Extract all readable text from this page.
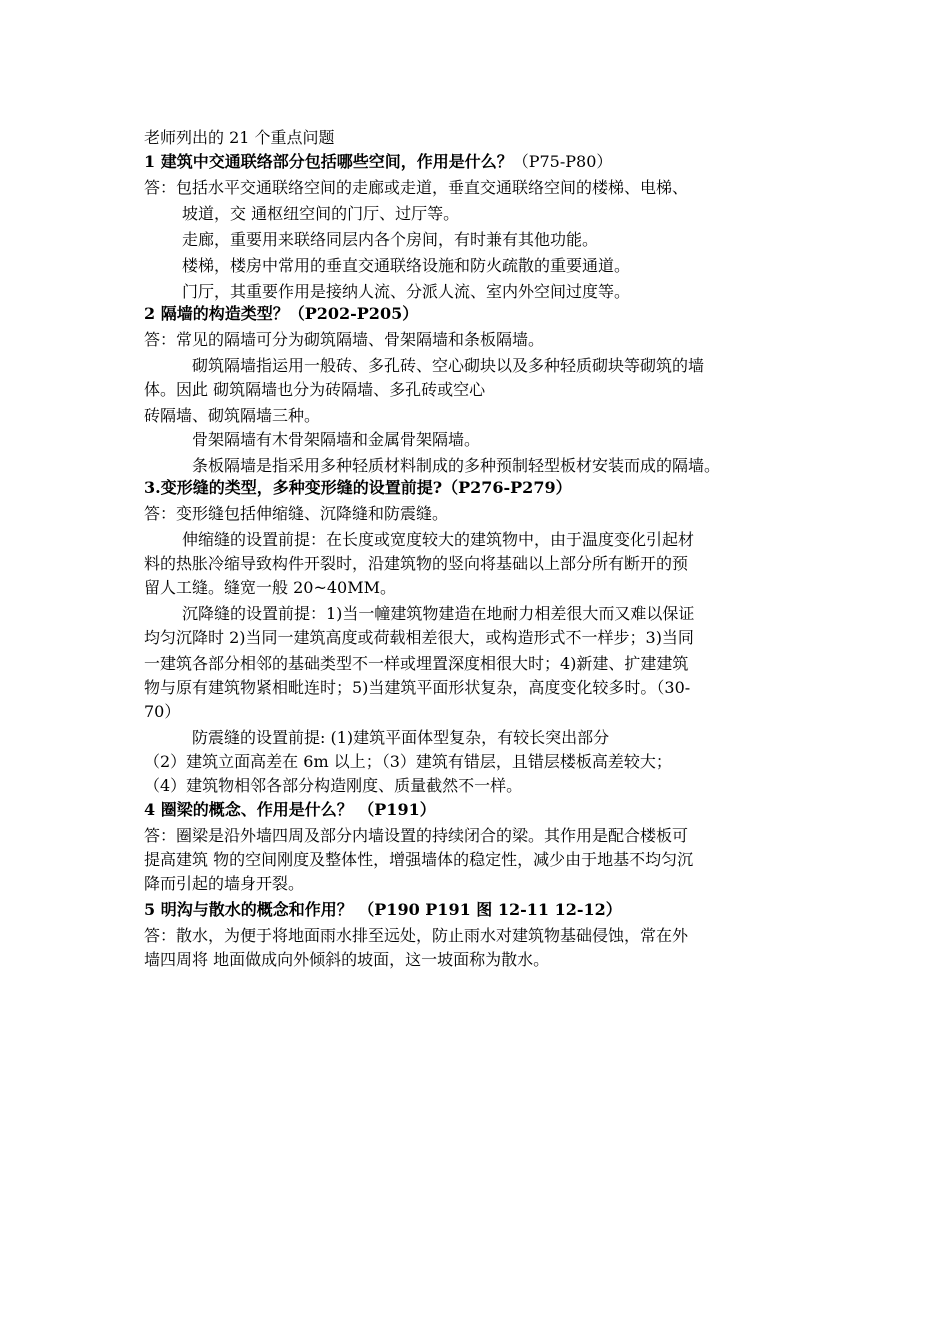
老师列出的 21 个重点问题
1 建筑中交通联络部分包括哪些空间，作用是什么？（P75-P80）
答：包括水平交通联络空间的走廊或走道，垂直交通联络空间的楼梯、电梯、
坡道，交 通枢纽空间的门厅、过厅等。
走廊，重要用来联络同层内各个房间，有时兼有其他功能。
楼梯，楼房中常用的垂直交通联络设施和防火疏散的重要通道。
门厅，其重要作用是接纳人流、分派人流、室内外空间过度等。
2 隔墙的构造类型？（P202-P205）
答：常见的隔墙可分为砌筑隔墙、骨架隔墙和条板隔墙。
砌筑隔墙指运用一般砖、多孔砖、空心砌块以及多种轻质砌块等砌筑的墙
体。因此 砌筑隔墙也分为砖隔墙、多孔砖或空心
砖隔墙、砌筑隔墙三种。
骨架隔墙有木骨架隔墙和金属骨架隔墙。
条板隔墙是指采用多种轻质材料制成的多种预制轻型板材安装而成的隔墙。
3.变形缝的类型，多种变形缝的设置前提?（P276-P279）
答：变形缝包括伸缩缝、沉降缝和防震缝。
伸缩缝的设置前提：在长度或宽度较大的建筑物中，由于温度变化引起材
料的热胀冷缩导致构件开裂时，沿建筑物的竖向将基础以上部分所有断开的预
留人工缝。缝宽一般 20~40MM。
沉降缝的设置前提：1)当一幢建筑物建造在地耐力相差很大而又难以保证
均匀沉降时 2)当同一建筑高度或荷载相差很大，或构造形式不一样步；3)当同
一建筑各部分相邻的基础类型不一样或埋置深度相很大时；4)新建、扩建建筑
物与原有建筑物紧相毗连时；5)当建筑平面形状复杂，高度变化较多时。（30-
70）
防震缝的设置前提: (1)建筑平面体型复杂，有较长突出部分
（2）建筑立面高差在 6m 以上；（3）建筑有错层，且错层楼板高差较大；
（4）建筑物相邻各部分构造刚度、质量截然不一样。
4 圈梁的概念、作用是什么？ （P191）
答：圈梁是沿外墙四周及部分内墙设置的持续闭合的梁。其作用是配合楼板可
提高建筑 物的空间刚度及整体性，增强墙体的稳定性，减少由于地基不均匀沉
降而引起的墙身开裂。
5 明沟与散水的概念和作用？ （P190 P191 图 12-11 12-12）
答：散水，为便于将地面雨水排至远处，防止雨水对建筑物基础侵蚀，常在外
墙四周将 地面做成向外倾斜的坡面，这一坡面称为散水。
